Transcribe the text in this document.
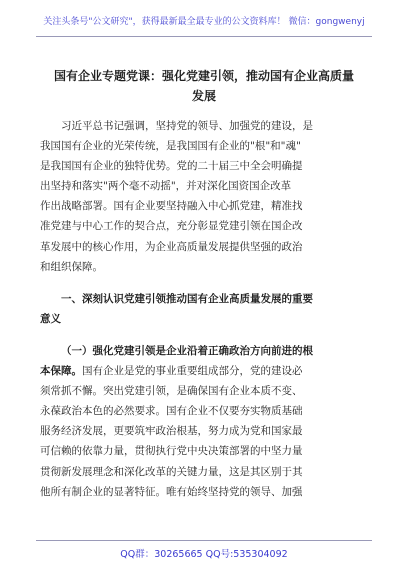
关注头条号"公文研究"，获得最新最全最专业的公文资料库！ 微信：gongwenyj
国有企业专题党课：强化党建引领，推动国有企业高质量
发展
习近平总书记强调，坚持党的领导、加强党的建设，是
我国国有企业的光荣传统，是我国国有企业的"根"和"魂"
是我国国有企业的独特优势。党的二十届三中全会明确提
出坚持和落实"两个毫不动摇"，并对深化国资国企改革
作出战略部署。国有企业要坚持融入中心抓党建，精准找
准党建与中心工作的契合点，充分彰显党建引领在国企改
革发展中的核心作用，为企业高质量发展提供坚强的政治
和组织保障。
一、深刻认识党建引领推动国有企业高质量发展的重要
意义
（一）强化党建引领是企业沿着正确政治方向前进的根
本保障。国有企业是党的事业重要组成部分，党的建设必
须常抓不懈。突出党建引领，是确保国有企业本质不变、
永葆政治本色的必然要求。国有企业不仅要夯实物质基础
服务经济发展，更要筑牢政治根基，努力成为党和国家最
可信赖的依靠力量，贯彻执行党中央决策部署的中坚力量
贯彻新发展理念和深化改革的关键力量，这是其区别于其
他所有制企业的显著特征。唯有始终坚持党的领导、加强
QQ群：30265665 QQ号:535304092
